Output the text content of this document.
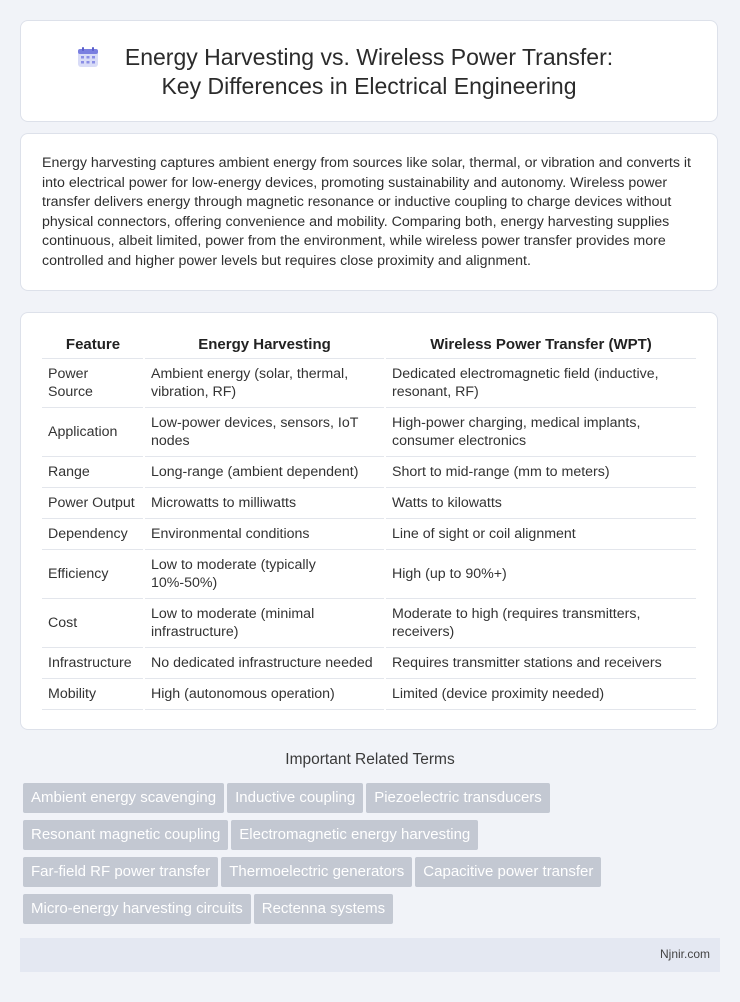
Energy Harvesting vs. Wireless Power Transfer: Key Differences in Electrical Engineering
Energy harvesting captures ambient energy from sources like solar, thermal, or vibration and converts it into electrical power for low-energy devices, promoting sustainability and autonomy. Wireless power transfer delivers energy through magnetic resonance or inductive coupling to charge devices without physical connectors, offering convenience and mobility. Comparing both, energy harvesting supplies continuous, albeit limited, power from the environment, while wireless power transfer provides more controlled and higher power levels but requires close proximity and alignment.
Feature	Energy Harvesting	Wireless Power Transfer (WPT)
Power Source	Ambient energy (solar, thermal, vibration, RF)	Dedicated electromagnetic field (inductive, resonant, RF)
Application	Low-power devices, sensors, IoT nodes	High-power charging, medical implants, consumer electronics
Range	Long-range (ambient dependent)	Short to mid-range (mm to meters)
Power Output	Microwatts to milliwatts	Watts to kilowatts
Dependency	Environmental conditions	Line of sight or coil alignment
Efficiency	Low to moderate (typically 10%-50%)	High (up to 90%+)
Cost	Low to moderate (minimal infrastructure)	Moderate to high (requires transmitters, receivers)
Infrastructure	No dedicated infrastructure needed	Requires transmitter stations and receivers
Mobility	High (autonomous operation)	Limited (device proximity needed)
Important Related Terms
Ambient energy scavenging Inductive coupling Piezoelectric transducers
Resonant magnetic coupling Electromagnetic energy harvesting
Far-field RF power transfer Thermoelectric generators Capacitive power transfer
Micro-energy harvesting circuits Rectenna systems
Njnir.com
